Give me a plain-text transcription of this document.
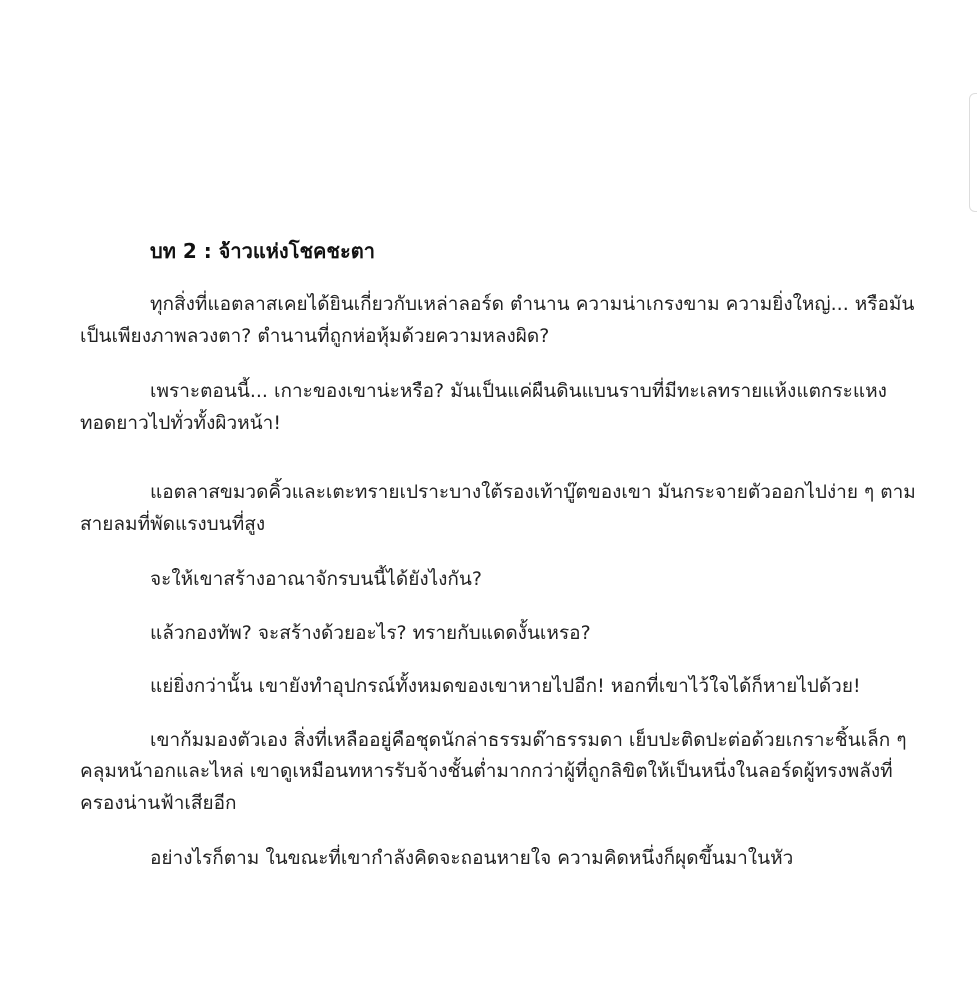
บท 2 : จ้าวแห่งโชคชะตา

ทุกสิ่งที่แอตลาสเคยได้ยินเกี่ยวกับเหล่าลอร์ด ตำนาน ความน่าเกรงขาม ความยิ่งใหญ่... หรือมันเป็นเพียงภาพลวงตา? ตำนานที่ถูกห่อหุ้มด้วยความหลงผิด?

เพราะตอนนี้... เกาะของเขาน่ะหรือ? มันเป็นแค่ผืนดินแบนราบที่มีทะเลทรายแห้งแตกระแหงทอดยาวไปทั่วทั้งผิวหน้า!

แอตลาสขมวดคิ้วและเตะทรายเปราะบางใต้รองเท้าบู๊ตของเขา มันกระจายตัวออกไปง่าย ๆ ตามสายลมที่พัดแรงบนที่สูง

จะให้เขาสร้างอาณาจักรบนนี้ได้ยังไงกัน?

แล้วกองทัพ? จะสร้างด้วยอะไร? ทรายกับแดดงั้นเหรอ?

แย่ยิ่งกว่านั้น เขายังทำอุปกรณ์ทั้งหมดของเขาหายไปอีก! หอกที่เขาไว้ใจได้ก็หายไปด้วย!

เขาก้มมองตัวเอง สิ่งที่เหลืออยู่คือชุดนักล่าธรรมด๊าธรรมดา เย็บปะติดปะต่อด้วยเกราะชิ้นเล็ก ๆ คลุมหน้าอกและไหล่ เขาดูเหมือนทหารรับจ้างชั้นต่ำมากกว่าผู้ที่ถูกลิขิตให้เป็นหนึ่งในลอร์ดผู้ทรงพลังที่ครองน่านฟ้าเสียอีก

อย่างไรก็ตาม ในขณะที่เขากำลังคิดจะถอนหายใจ ความคิดหนึ่งก็ผุดขึ้นมาในหัว
